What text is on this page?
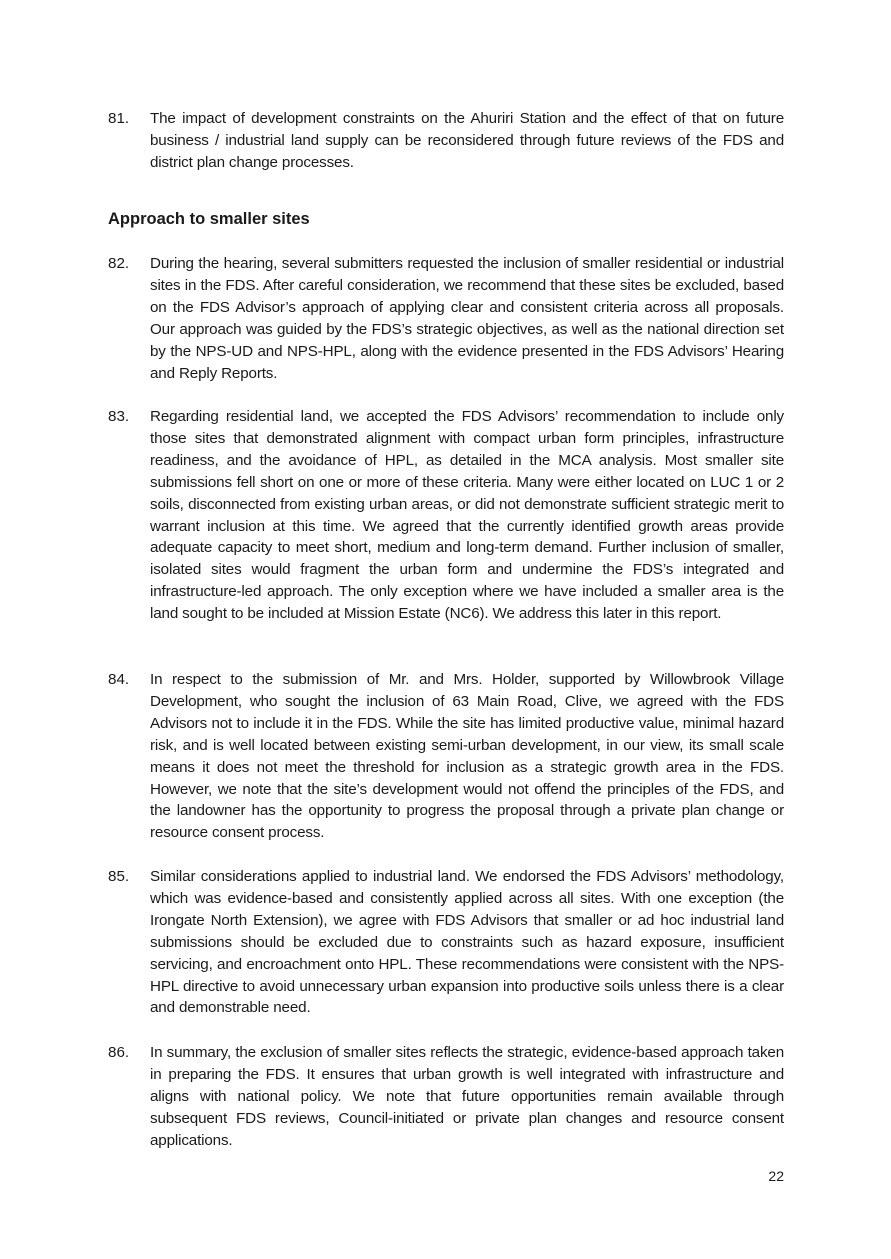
81.	The impact of development constraints on the Ahuriri Station and the effect of that on future business / industrial land supply can be reconsidered through future reviews of the FDS and district plan change processes.
Approach to smaller sites
82.	During the hearing, several submitters requested the inclusion of smaller residential or industrial sites in the FDS. After careful consideration, we recommend that these sites be excluded, based on the FDS Advisor’s approach of applying clear and consistent criteria across all proposals. Our approach was guided by the FDS’s strategic objectives, as well as the national direction set by the NPS-UD and NPS-HPL, along with the evidence presented in the FDS Advisors’ Hearing and Reply Reports.
83.	Regarding residential land, we accepted the FDS Advisors’ recommendation to include only those sites that demonstrated alignment with compact urban form principles, infrastructure readiness, and the avoidance of HPL, as detailed in the MCA analysis. Most smaller site submissions fell short on one or more of these criteria. Many were either located on LUC 1 or 2 soils, disconnected from existing urban areas, or did not demonstrate sufficient strategic merit to warrant inclusion at this time. We agreed that the currently identified growth areas provide adequate capacity to meet short, medium and long-term demand. Further inclusion of smaller, isolated sites would fragment the urban form and undermine the FDS’s integrated and infrastructure-led approach. The only exception where we have included a smaller area is the land sought to be included at Mission Estate (NC6). We address this later in this report.
84.	In respect to the submission of Mr. and Mrs. Holder, supported by Willowbrook Village Development, who sought the inclusion of 63 Main Road, Clive, we agreed with the FDS Advisors not to include it in the FDS. While the site has limited productive value, minimal hazard risk, and is well located between existing semi-urban development, in our view, its small scale means it does not meet the threshold for inclusion as a strategic growth area in the FDS. However, we note that the site’s development would not offend the principles of the FDS, and the landowner has the opportunity to progress the proposal through a private plan change or resource consent process.
85.	Similar considerations applied to industrial land. We endorsed the FDS Advisors’ methodology, which was evidence-based and consistently applied across all sites. With one exception (the Irongate North Extension), we agree with FDS Advisors that smaller or ad hoc industrial land submissions should be excluded due to constraints such as hazard exposure, insufficient servicing, and encroachment onto HPL. These recommendations were consistent with the NPS-HPL directive to avoid unnecessary urban expansion into productive soils unless there is a clear and demonstrable need.
86.	In summary, the exclusion of smaller sites reflects the strategic, evidence-based approach taken in preparing the FDS. It ensures that urban growth is well integrated with infrastructure and aligns with national policy. We note that future opportunities remain available through subsequent FDS reviews, Council-initiated or private plan changes and resource consent applications.
22
